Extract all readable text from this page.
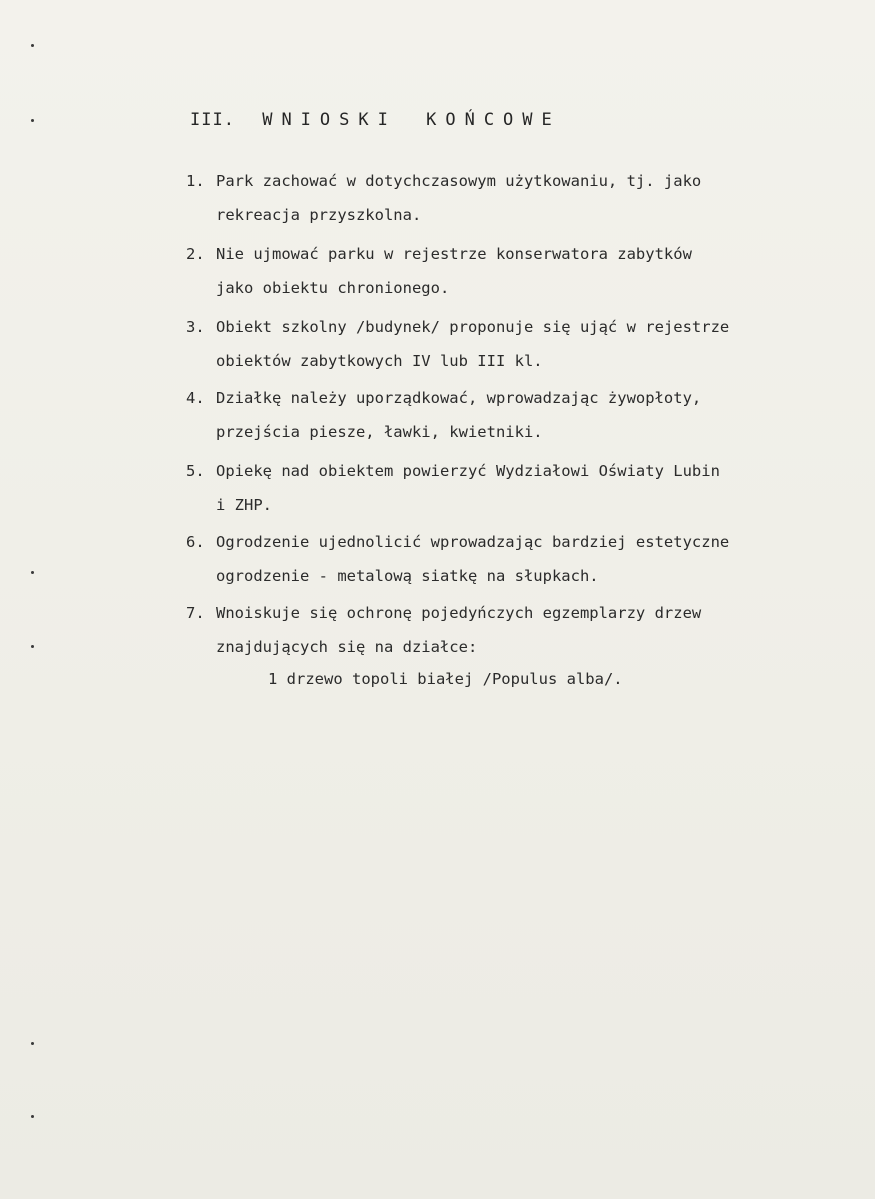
III. WNIOSKI KOŃCOWE
1. Park zachować w dotychczasowym użytkowaniu, tj. jako
rekreacja przyszkolna.
2. Nie ujmować parku w rejestrze konserwatora zabytków
jako obiektu chronionego.
3. Obiekt szkolny /budynek/ proponuje się ująć w rejestrze
obiektów zabytkowych IV lub III kl.
4. Działkę należy uporządkować, wprowadzając żywopłoty,
przejścia piesze, ławki, kwietniki.
5. Opiekę nad obiektem powierzyć Wydziałowi Oświaty Lubin
i ZHP.
6. Ogrodzenie ujednolicić wprowadzając bardziej estetyczne
ogrodzenie - metalową siatkę na słupkach.
7. Wnoiskuje się ochronę pojedyńczych egzemplarzy drzew
znajdujących się na działce:
1 drzewo topoli białej /Populus alba/.
